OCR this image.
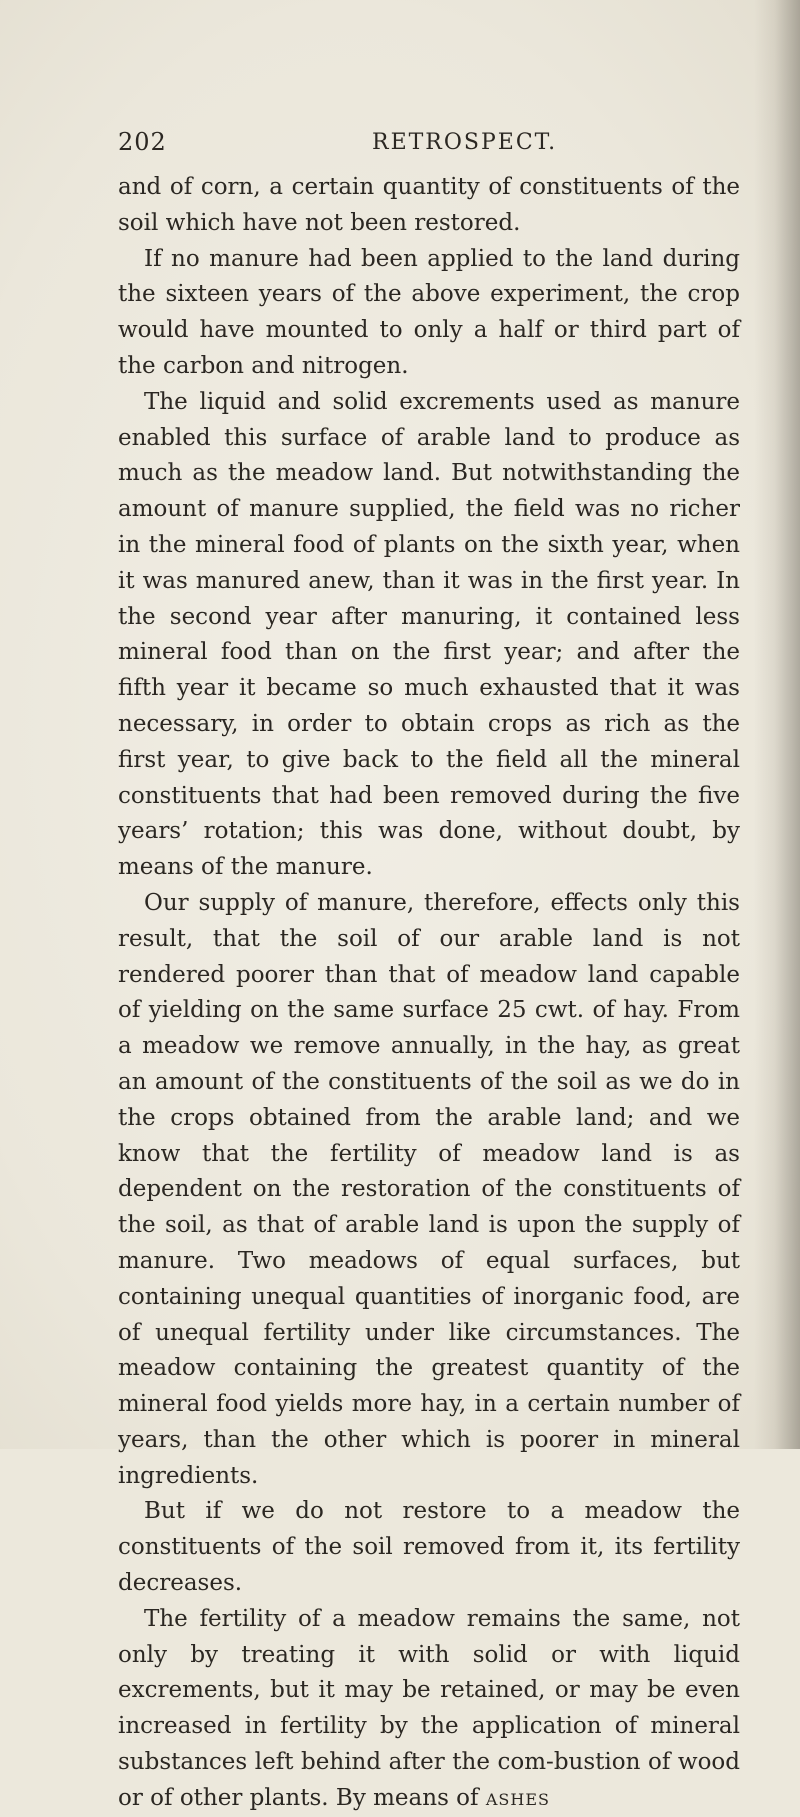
202	RETROSPECT.

and of corn, a certain quantity of constituents of the soil which have not been restored.

If no manure had been applied to the land during the sixteen years of the above experiment, the crop would have mounted to only a half or third part of the carbon and nitrogen.

The liquid and solid excrements used as manure enabled this surface of arable land to produce as much as the meadow land. But notwithstanding the amount of manure supplied, the field was no richer in the mineral food of plants on the sixth year, when it was manured anew, than it was in the first year. In the second year after manuring, it contained less mineral food than on the first year; and after the fifth year it became so much exhausted that it was necessary, in order to obtain crops as rich as the first year, to give back to the field all the mineral constituents that had been removed during the five years’ rotation; this was done, without doubt, by means of the manure.

Our supply of manure, therefore, effects only this result, that the soil of our arable land is not rendered poorer than that of meadow land capable of yielding on the same surface 25 cwt. of hay. From a meadow we remove annually, in the hay, as great an amount of the constituents of the soil as we do in the crops obtained from the arable land; and we know that the fertility of meadow land is as dependent on the restoration of the constituents of the soil, as that of arable land is upon the supply of manure. Two meadows of equal surfaces, but containing unequal quantities of inorganic food, are of unequal fertility under like circumstances. The meadow containing the greatest quantity of the mineral food yields more hay, in a certain number of years, than the other which is poorer in mineral ingredients.

But if we do not restore to a meadow the constituents of the soil removed from it, its fertility decreases.

The fertility of a meadow remains the same, not only by treating it with solid or with liquid excrements, but it may be retained, or may be even increased in fertility by the application of mineral substances left behind after the com-bustion of wood or of other plants. By means of ashes
